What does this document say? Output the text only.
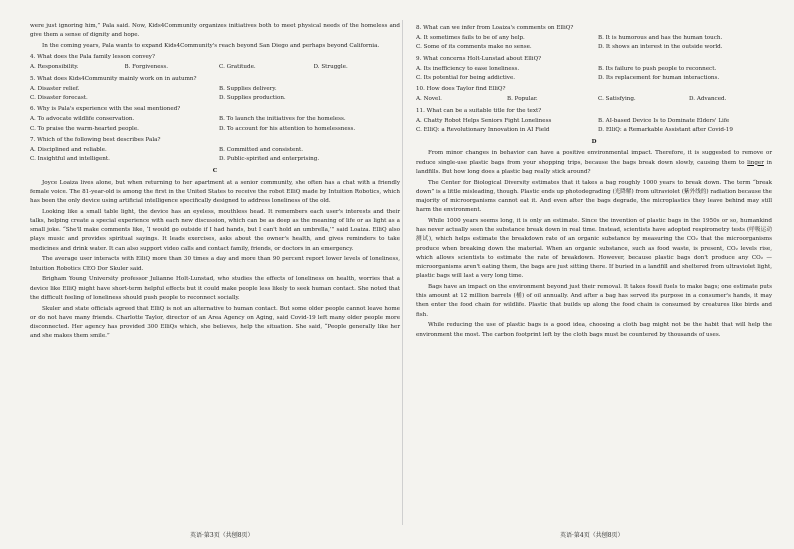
were just ignoring him,” Pala said. Now, Kids4Community organizes initiatives both to meet physical needs of the homeless and give them a sense of dignity and hope.

In the coming years, Pala wants to expand Kids4Community's reach beyond San Diego and perhaps beyond California.

4. What does the Pala family lesson convey?
A. Responsibility.	B. Forgiveness.	C. Gratitude.	D. Struggle.
5. What does Kids4Community mainly work on in autumn?
A. Disaster relief.	B. Supplies delivery.
C. Disaster forecast.	D. Supplies production.
6. Why is Pala's experience with the seal mentioned?
A. To advocate wildlife conservation.	B. To launch the initiatives for the homeless.
C. To praise the warm-hearted people.	D. To account for his attention to homelessness.
7. Which of the following best describes Pala?
A. Disciplined and reliable.	B. Committed and consistent.
C. Insightful and intelligent.	D. Public-spirited and enterprising.
C

Joyce Loaiza lives alone, but when returning to her apartment at a senior community, she often has a chat with a friendly female voice. The 81-year-old is among the first in the United States to receive the robot ElliQ made by Intuition Robotics, which has been the only device using artificial intelligence specifically designed to address loneliness of the old.

Looking like a small table light, the device has an eyeless, mouthless head. It remembers each user's interests and their talks, helping create a special experience with each new discussion, which can be as deep as the meaning of life or as light as a small joke. “She'll make comments like, ‘I would go outside if I had hands, but I can't hold an umbrella,’” said Loaiza. ElliQ also plays music and provides spiritual sayings. It leads exercises, asks about the owner's health, and gives reminders to take medicines and drink water. It can also support video calls and contact family, friends, or doctors in an emergency.

The average user interacts with ElliQ more than 30 times a day and more than 90 percent report lower levels of loneliness, Intuition Robotics CEO Dor Skuler said.

Brigham Young University professor Julianne Holt-Lunstad, who studies the effects of loneliness on health, worries that a device like ElliQ might have short-term helpful effects but it could make people less likely to seek human contact. She noted that the difficult feeling of loneliness should push people to reconnect socially.

Skuler and state officials agreed that ElliQ is not an alternative to human contact. But some older people cannot leave home or do not have many friends. Charlotte Taylor, director of an Area Agency on Aging, said Covid-19 left many older people more disconnected. Her agency has provided 300 ElliQs which, she believes, help the situation. She said, “People generally like her and she makes them smile.”

8. What can we infer from Loaiza's comments on ElliQ?
A. It sometimes fails to be of any help.	B. It is humorous and has the human touch.
C. Some of its comments make no sense.	D. It shows an interest in the outside world.
9. What concerns Holt-Lunstad about ElliQ?
A. Its inefficiency to ease loneliness.	B. Its failure to push people to reconnect.
C. Its potential for being addictive.	D. Its replacement for human interactions.
10. How does Taylor find ElliQ?
A. Novel.	B. Popular.	C. Satisfying.	D. Advanced.
11. What can be a suitable title for the text?
A. Chatty Robot Helps Seniors Fight Loneliness	B. AI-based Device Is to Dominate Elders' Life
C. ElliQ: a Revolutionary Innovation in AI Field	D. ElliQ: a Remarkable Assistant after Covid-19
D

From minor changes in behavior can have a positive environmental impact. Therefore, it is suggested to remove or reduce single-use plastic bags from your shopping trips, because the bags break down slowly, causing them to linger in landfills. But how long does a plastic bag really stick around?

The Center for Biological Diversity estimates that it takes a bag roughly 1000 years to break down. The term “break down” is a little misleading, though. Plastic ends up photodegrading (光降解) from ultraviolet (紫外线的) radiation because the majority of microorganisms cannot eat it. And even after the bags degrade, the microplastics they leave behind may still harm the environment.

While 1000 years seems long, it is only an estimate. Since the invention of plastic bags in the 1950s or so, humankind has never actually seen the substance break down in real time. Instead, scientists have adopted respirometry tests (呼吸运动测试), which helps estimate the breakdown rate of an organic substance by measuring the CO₂ that the microorganisms produce when breaking down the material. When an organic substance, such as food waste, is present, CO₂ levels rise, which allows scientists to estimate the rate of breakdown. However, because plastic bags don't produce any CO₂ — microorganisms aren't eating them, the bags are just sitting there. If buried in a landfill and sheltered from ultraviolet light, plastic bags will last a very long time.

Bags have an impact on the environment beyond just their removal. It takes fossil fuels to make bags; one estimate puts this amount at 12 million barrels (桶) of oil annually. And after a bag has served its purpose in a consumer's hands, it may then enter the food chain for wildlife. Plastic that builds up along the food chain is consumed by creatures like birds and fish.

While reducing the use of plastic bags is a good idea, choosing a cloth bag might not be the habit that will help the environment the most. The carbon footprint left by the cloth bags must be countered by thousands of uses.

英语·第3页（共刨8页）	英语·第4页（共刨8页）
